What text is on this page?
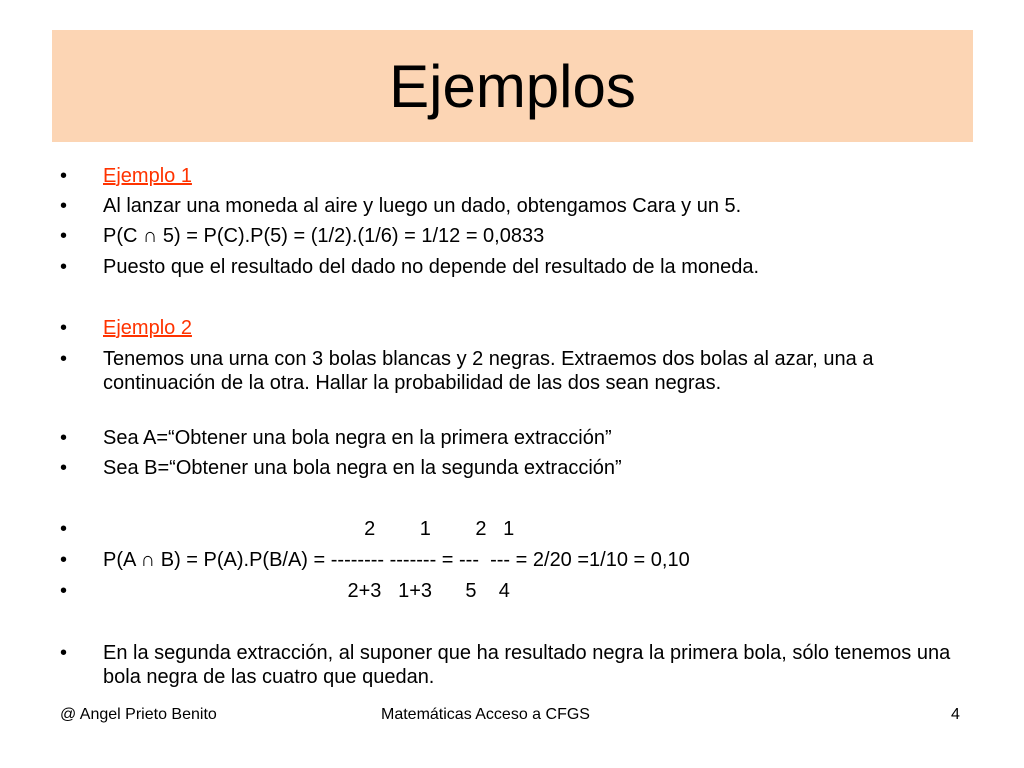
Ejemplos
• Ejemplo 1
• Al lanzar una moneda al aire y luego un dado, obtengamos Cara y un 5.
• P(C ∩ 5) = P(C).P(5) = (1/2).(1/6) = 1/12 = 0,0833
• Puesto que el resultado del dado no depende del resultado de la moneda.
• Ejemplo 2
• Tenemos una urna con 3 bolas blancas y 2 negras. Extraemos dos bolas al azar, una a continuación de la otra. Hallar la probabilidad de las dos sean negras.
• Sea A=“Obtener una bola negra en la primera extracción”
• Sea B=“Obtener una bola negra en la segunda extracción”
• 2        1        2   1
• P(A ∩ B) = P(A).P(B/A) = -------- ------- = ---  --- = 2/20 =1/10 = 0,10
• 2+3   1+3      5    4
• En la segunda extracción, al suponer que ha resultado negra la primera bola, sólo tenemos una bola negra de las cuatro que quedan.
@ Angel Prieto Benito	Matemáticas Acceso a CFGS	4
